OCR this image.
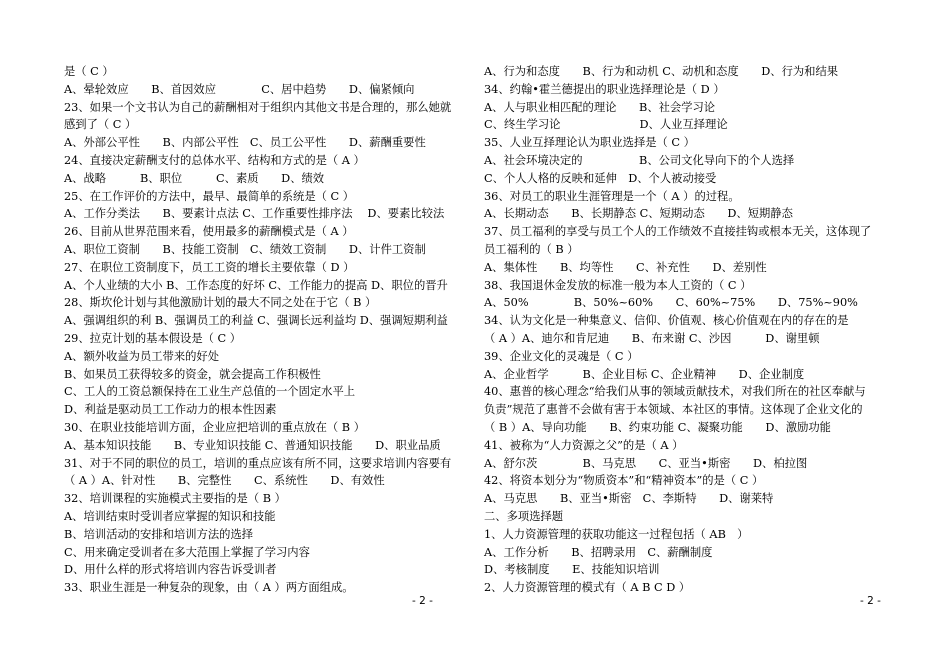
是（ C ）
A、晕轮效应　　B、首因效应　　　　C、居中趋势　　D、偏紧倾向
23、如果一个文书认为自己的薪酬相对于组织内其他文书是合理的，那么她就
感到了（ C ）
A、外部公平性　　B、内部公平性　C、员工公平性　　D、薪酬重要性
24、直接决定薪酬支付的总体水平、结构和方式的是（ A ）
A、战略　　　B、职位　　　C、素质　　D、绩效
25、在工作评价的方法中，最早、最简单的系统是（ C ）
A、工作分类法　　B、要素计点法 C、工作重要性排序法　 D、要素比较法
26、目前从世界范围来看，使用最多的薪酬模式是（ A ）
A、职位工资制　　B、技能工资制　C、绩效工资制　　D、计件工资制
27、在职位工资制度下，员工工资的增长主要依靠（ D ）
A、个人业绩的大小 B、工作态度的好坏 C、工作能力的提高 D、职位的晋升
28、斯坎伦计划与其他激励计划的最大不同之处在于它（ B ）
A、强调组织的利 B、强调员工的利益 C、强调长远利益均 D、强调短期利益
29、拉克计划的基本假设是（ C ）
A、额外收益为员工带来的好处
B、如果员工获得较多的资金，就会提高工作积极性
C、工人的工资总额保持在工业生产总值的一个固定水平上
D、利益是驱动员工工作动力的根本性因素
30、在职业技能培训方面，企业应把培训的重点放在（ B ）
A、基本知识技能　　B、专业知识技能 C、普通知识技能　　D、职业品质
31、对于不同的职位的员工，培训的重点应该有所不同，这要求培训内容要有
（ A ）A、针对性　　B、完整性　　C、系统性　　D、有效性
32、培训课程的实施模式主要指的是（ B ）
A、培训结束时受训者应掌握的知识和技能
B、培训活动的安排和培训方法的选择
C、用来确定受训者在多大范围上掌握了学习内容
D、用什么样的形式将培训内容告诉受训者
33、职业生涯是一种复杂的现象，由（ A ）两方面组成。
A、行为和态度　　B、行为和动机 C、动机和态度　　D、行为和结果
34、约翰•霍兰德提出的职业选择理论是（ D ）
A、人与职业相匹配的理论　　B、社会学习论
C、终生学习论　　　　　　　D、人业互择理论
35、人业互择理论认为职业选择是（ C ）
A、社会环境决定的　　　　　B、公司文化导向下的个人选择
C、个人人格的反映和延伸　D、个人被动接受
36、对员工的职业生涯管理是一个（ A ）的过程。
A、长期动态　　B、长期静态 C、短期动态　　D、短期静态
37、员工福利的享受与员工个人的工作绩效不直接挂钩或根本无关，这体现了
员工福利的（ B ）
A、集体性　　B、均等性　　C、补充性　　D、差别性
38、我国退休金发放的标准一般为本人工资的（ C ）
A、50%　　　　B、50%~60%　　C、60%~75%　　D、75%~90%
34、认为文化是一种集意义、信仰、价值观、核心价值观在内的存在的是
（ A ）A、迪尔和肯尼迪　　B、布来谢 C、沙因　　　D、谢里顿
39、企业文化的灵魂是（ C ）
A、企业哲学　　　B、企业目标 C、企业精神　　D、企业制度
40、惠普的核心理念“给我们从事的领域贡献技术，对我们所在的社区奉献与
负责”规范了惠普不会做有害于本领域、本社区的事情。这体现了企业文化的
（ B ）A、导向功能　　B、约束功能 C、凝聚功能　　D、激励功能
41、被称为“人力资源之父”的是（ A ）
A、舒尔茨　　　　B、马克思　　C、亚当•斯密　　D、柏拉图
42、将资本划分为“物质资本”和“精神资本”的是（ C ）
A、马克思　　B、亚当•斯密　C、李斯特　　D、谢莱特
二、多项选择题
1、人力资源管理的获取功能这一过程包括（ AB　）
A、工作分析　　B、招聘录用　C、薪酬制度
D、考核制度　　E、技能知识培训
2、人力资源管理的模式有（ A B C D ）
- 2 -	- 2 -
